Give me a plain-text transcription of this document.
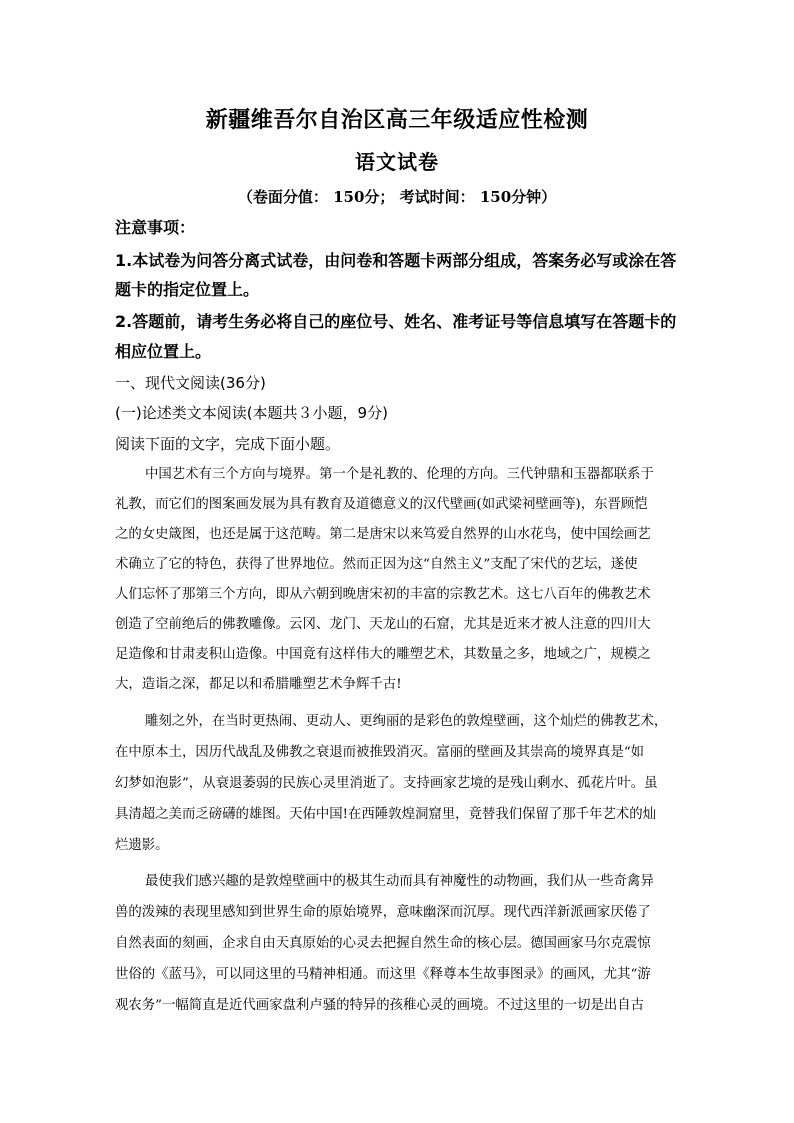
新疆维吾尔自治区高三年级适应性检测
语文试卷
（卷面分值： 150分； 考试时间： 150分钟）
注意事项：
1.本试卷为问答分离式试卷，由问卷和答题卡两部分组成，答案务必写或涂在答
题卡的指定位置上。
2.答题前，请考生务必将自己的座位号、姓名、准考证号等信息填写在答题卡的
相应位置上。
一、现代文阅读(36分)
(一)论述类文本阅读(本题共３小题，9分)
阅读下面的文字，完成下面小题。
中国艺术有三个方向与境界。第一个是礼教的、伦理的方向。三代钟鼎和玉器都联系于
礼教，而它们的图案画发展为具有教育及道德意义的汉代壁画(如武梁祠壁画等)，东晋顾恺
之的女史箴图，也还是属于这范畴。第二是唐宋以来笃爱自然界的山水花鸟，使中国绘画艺
术确立了它的特色，获得了世界地位。然而正因为这“自然主义”支配了宋代的艺坛，遂使
人们忘怀了那第三个方向，即从六朝到晚唐宋初的丰富的宗教艺术。这七八百年的佛教艺术
创造了空前绝后的佛教雕像。云冈、龙门、天龙山的石窟，尤其是近来才被人注意的四川大
足造像和甘肃麦积山造像。中国竟有这样伟大的雕塑艺术，其数量之多，地域之广，规模之
大，造诣之深，都足以和希腊雕塑艺术争辉千古!
雕刻之外，在当时更热闹、更动人、更绚丽的是彩色的敦煌壁画，这个灿烂的佛教艺术，
在中原本土，因历代战乱及佛教之衰退而被推毁消灭。富丽的壁画及其崇高的境界真是“如
幻梦如泡影”，从衰退萎弱的民族心灵里消逝了。支持画家艺境的是残山剩水、孤花片叶。虽
具清超之美而乏磅礴的雄图。天佑中国!在西陲敦煌洞窟里，竟替我们保留了那千年艺术的灿
烂遗影。
最使我们感兴趣的是敦煌壁画中的极其生动而具有神魔性的动物画，我们从一些奇禽异
兽的泼辣的表现里感知到世界生命的原始境界，意味幽深而沉厚。现代西洋新派画家厌倦了
自然表面的刻画，企求自由天真原始的心灵去把握自然生命的核心层。德国画家马尔克震惊
世俗的《蓝马》，可以同这里的马精神相通。而这里《释尊本生故事图录》的画风，尤其“游
观农务”一幅简直是近代画家盘利卢骚的特异的孩稚心灵的画境。不过这里的一切是出自古
